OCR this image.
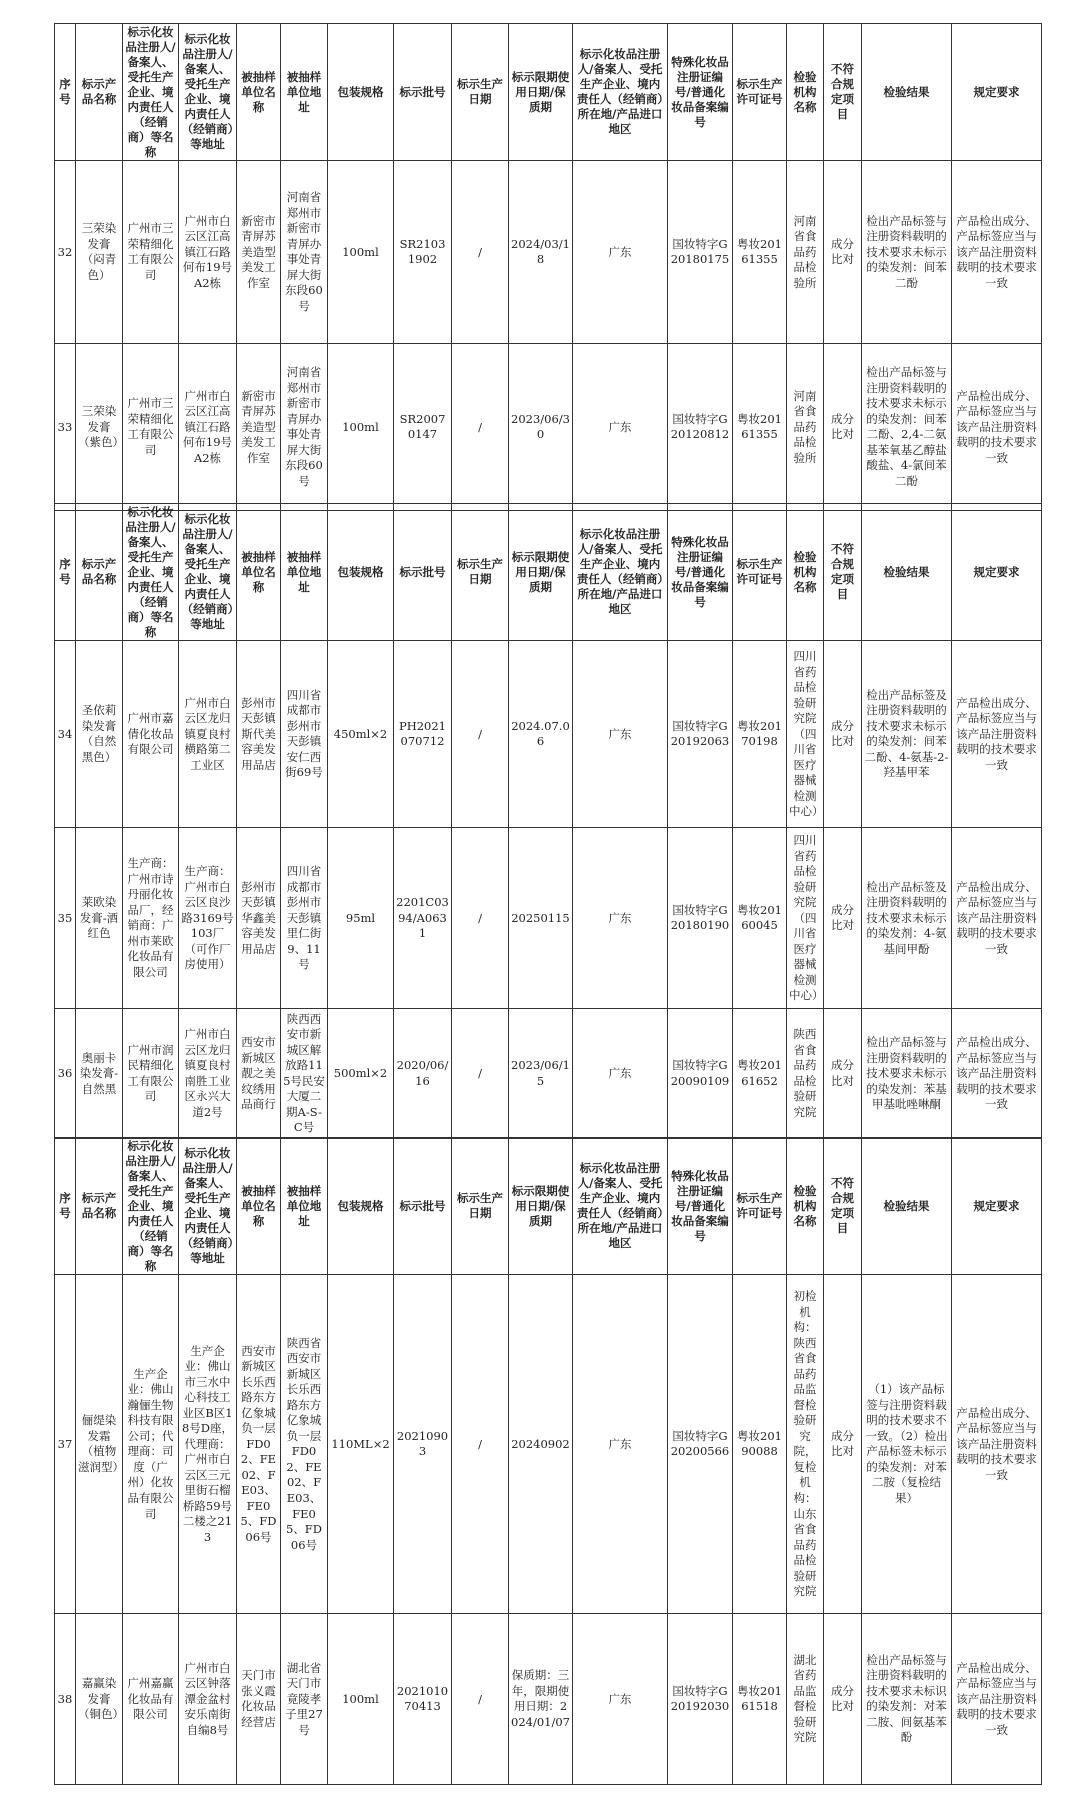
序号	标示产品名称	标示化妆品注册人/备案人、受托生产企业、境内责任人（经销商）等名称	标示化妆品注册人/备案人、受托生产企业、境内责任人（经销商）等地址	被抽样单位名称	被抽样单位地址	包装规格	标示批号	标示生产日期	标示限期使用日期/保质期	标示化妆品注册人/备案人、受托生产企业、境内责任人（经销商）所在地/产品进口地区	特殊化妆品注册证编号/普通化妆品备案编号	标示生产许可证号	检验机构名称	不符合规定项目	检验结果	规定要求
32	三荣染发膏（闷青色）	广州市三荣精细化工有限公司	广州市白云区江高镇江石路何布19号A2栋	新密市青屏苏美造型美发工作室	河南省郑州市新密市青屏办事处青屏大街东段60号	100ml	SR21031902	/	2024/03/18	广东	国妆特字G20180175	粤妆20161355	河南省食品药品检验所	成分比对	检出产品标签与注册资料载明的技术要求未标示的染发剂：间苯二酚	产品检出成分、产品标签应当与该产品注册资料载明的技术要求一致
33	三荣染发膏（紫色）	广州市三荣精细化工有限公司	广州市白云区江高镇江石路何布19号A2栋	新密市青屏苏美造型美发工作室	河南省郑州市新密市青屏办事处青屏大街东段60号	100ml	SR20070147	/	2023/06/30	广东	国妆特字G20120812	粤妆20161355	河南省食品药品检验所	成分比对	检出产品标签与注册资料载明的技术要求未标示的染发剂：间苯二酚、2,4-二氨基苯氧基乙醇盐酸盐、4-氯间苯二酚	产品检出成分、产品标签应当与该产品注册资料载明的技术要求一致
序号	标示产品名称	标示化妆品注册人/备案人、受托生产企业、境内责任人（经销商）等名称	标示化妆品注册人/备案人、受托生产企业、境内责任人（经销商）等地址	被抽样单位名称	被抽样单位地址	包装规格	标示批号	标示生产日期	标示限期使用日期/保质期	标示化妆品注册人/备案人、受托生产企业、境内责任人（经销商）所在地/产品进口地区	特殊化妆品注册证编号/普通化妆品备案编号	标示生产许可证号	检验机构名称	不符合规定项目	检验结果	规定要求
34	圣依莉染发膏（自然黑色）	广州市嘉倩化妆品有限公司	广州市白云区龙归镇夏良村横路第二工业区	彭州市天彭镇斯代美容美发用品店	四川省成都市彭州市天彭镇安仁西街69号	450ml×2	PH2021070712	/	2024.07.06	广东	国妆特字G20192063	粤妆20170198	四川省药品检验研究院（四川省医疗器械检测中心）	成分比对	检出产品标签及注册资料载明的技术要求未标示的染发剂：间苯二酚、4-氨基-2-羟基甲苯	产品检出成分、产品标签应当与该产品注册资料载明的技术要求一致
35	莱欧染发膏-酒红色	生产商：广州市诗丹丽化妆品厂，经销商：广州市莱欧化妆品有限公司	生产商：广州市白云区良沙路3169号103厂（可作厂房使用）	彭州市天彭镇华鑫美容美发用品店	四川省成都市彭州市天彭镇里仁街9、11号	95ml	2201C0394/A0631	/	20250115	广东	国妆特字G20180190	粤妆20160045	四川省药品检验研究院（四川省医疗器械检测中心）	成分比对	检出产品标签及注册资料载明的技术要求未标示的染发剂：4-氨基间甲酚	产品检出成分、产品标签应当与该产品注册资料载明的技术要求一致
36	奥丽卡染发膏-自然黑	广州市润民精细化工有限公司	广州市白云区龙归镇夏良村南胜工业区永兴大道2号	西安市新城区靓之美纹绣用品商行	陕西西安市新城区解放路115号民安大厦二期A-S-C号	500ml×2	2020/06/16	/	2023/06/15	广东	国妆特字G20090109	粤妆20161652	陕西省食品药品检验研究院	成分比对	检出产品标签与注册资料载明的技术要求未标示的染发剂：苯基甲基吡唑啉酮	产品检出成分、产品标签应当与该产品注册资料载明的技术要求一致
序号	标示产品名称	标示化妆品注册人/备案人、受托生产企业、境内责任人（经销商）等名称	标示化妆品注册人/备案人、受托生产企业、境内责任人（经销商）等地址	被抽样单位名称	被抽样单位地址	包装规格	标示批号	标示生产日期	标示限期使用日期/保质期	标示化妆品注册人/备案人、受托生产企业、境内责任人（经销商）所在地/产品进口地区	特殊化妆品注册证编号/普通化妆品备案编号	标示生产许可证号	检验机构名称	不符合规定项目	检验结果	规定要求
37	俪缇染发霜（植物滋润型）	生产企业：佛山瀚俪生物科技有限公司；代理商：司度（广州）化妆品有限公司	生产企业：佛山市三水中心科技工业区B区18号D座，代理商：广州市白云区三元里街石榴桥路59号二楼之213	西安市新城区长乐西路东方亿象城负一层FD02、FE02、FE03、FE05、FD06号	陕西省西安市新城区长乐西路东方亿象城负一层FD02、FE02、FE03、FE05、FD06号	110ML×2	20210903	/	20240902	广东	国妆特字G20200566	粤妆20190088	初检机构：陕西省食品药品监督检验研究院，复检机构：山东省食品药品检验研究院	成分比对	（1）该产品标签与注册资料载明的技术要求不一致。（2）检出产品标签未标示的染发剂：对苯二胺（复检结果）	产品检出成分、产品标签应当与该产品注册资料载明的技术要求一致
38	嘉赢染发膏（铜色）	广州嘉赢化妆品有限公司	广州市白云区钟落潭金盆村安乐南街自编8号	天门市张义霞化妆品经营店	湖北省天门市竟陵孝子里27号	100ml	202101070413	/	保质期：三年，限期使用日期：2024/01/07	广东	国妆特字G20192030	粤妆20161518	湖北省药品监督检验研究院	成分比对	检出产品标签与注册资料载明的技术要求未标识的染发剂：对苯二胺、间氨基苯酚	产品检出成分、产品标签应当与该产品注册资料载明的技术要求一致
